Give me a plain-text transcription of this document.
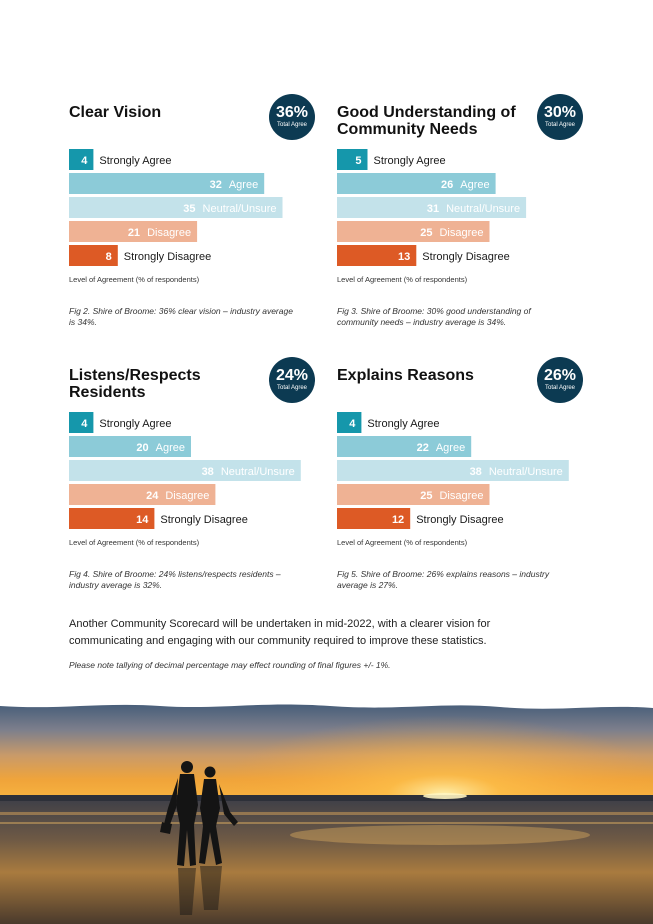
Clear Vision	36%
Total Agree
4 Strongly Agree
Agree
32
Neutral/Unsure
35
Disagree
21
8 Strongly Disagree
Level of Agreement (% of respondents)
Fig 2. Shire of Broome: 36% clear vision – industry average is 34%.
Good Understanding of Community Needs
30%
Total Agree
5 Strongly Agree
Agree
26
Neutral/Unsure
31
Disagree
25
13 Strongly Disagree
Level of Agreement (% of respondents)
Fig 3. Shire of Broome: 30% good understanding of community needs – industry average is 34%.
Listens/Respects Residents
24%
Total Agree
4 Strongly Agree
Agree
20
Neutral/Unsure
38
Disagree
24
14 Strongly Disagree
Level of Agreement (% of respondents)
Fig 4. Shire of Broome: 24% listens/respects residents – industry average is 32%.
Explains Reasons	26%
Total Agree
4 Strongly Agree
Agree
22
Neutral/Unsure
38
Disagree
25
12 Strongly Disagree
Level of Agreement (% of respondents)
Fig 5. Shire of Broome: 26% explains reasons – industry average is 27%.
Another Community Scorecard will be undertaken in mid-2022, with a clearer vision for communicating and engaging with our community required to improve these statistics.
Please note tallying of decimal percentage may effect rounding of final figures +/- 1%.
